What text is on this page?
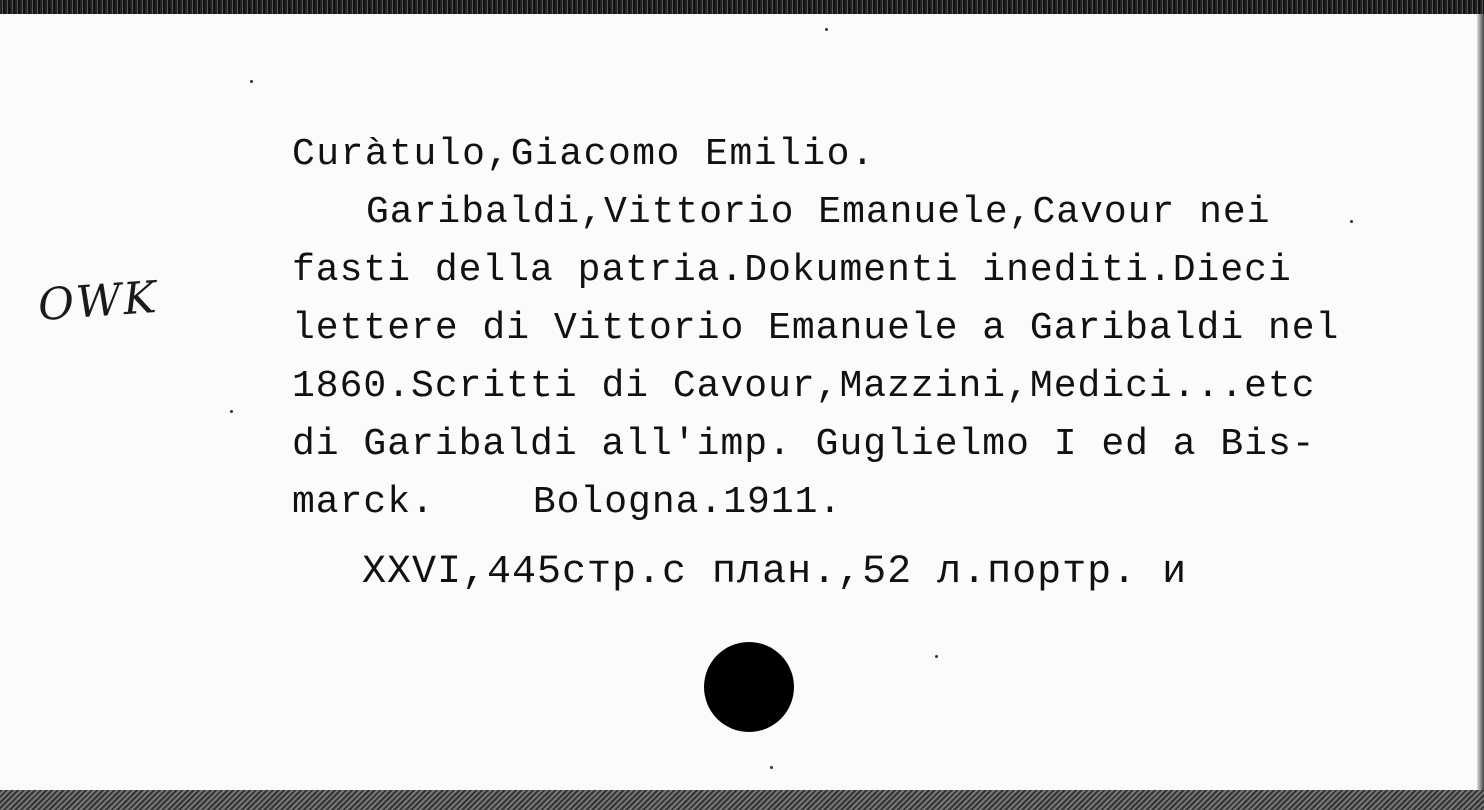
OWK
Curàtulo,Giacomo Emilio.
Garibaldi,Vittorio Emanuele,Cavour nei
fasti della patria.Dokumenti inediti.Dieci
lettere di Vittorio Emanuele a Garibaldi nel
1860.Scritti di Cavour,Mazzini,Medici...etc
di Garibaldi all'imp. Guglielmo I ed a Bis-
marck.	Bologna.1911.
XXVI,445стр.с план.,52 л.портр. и
